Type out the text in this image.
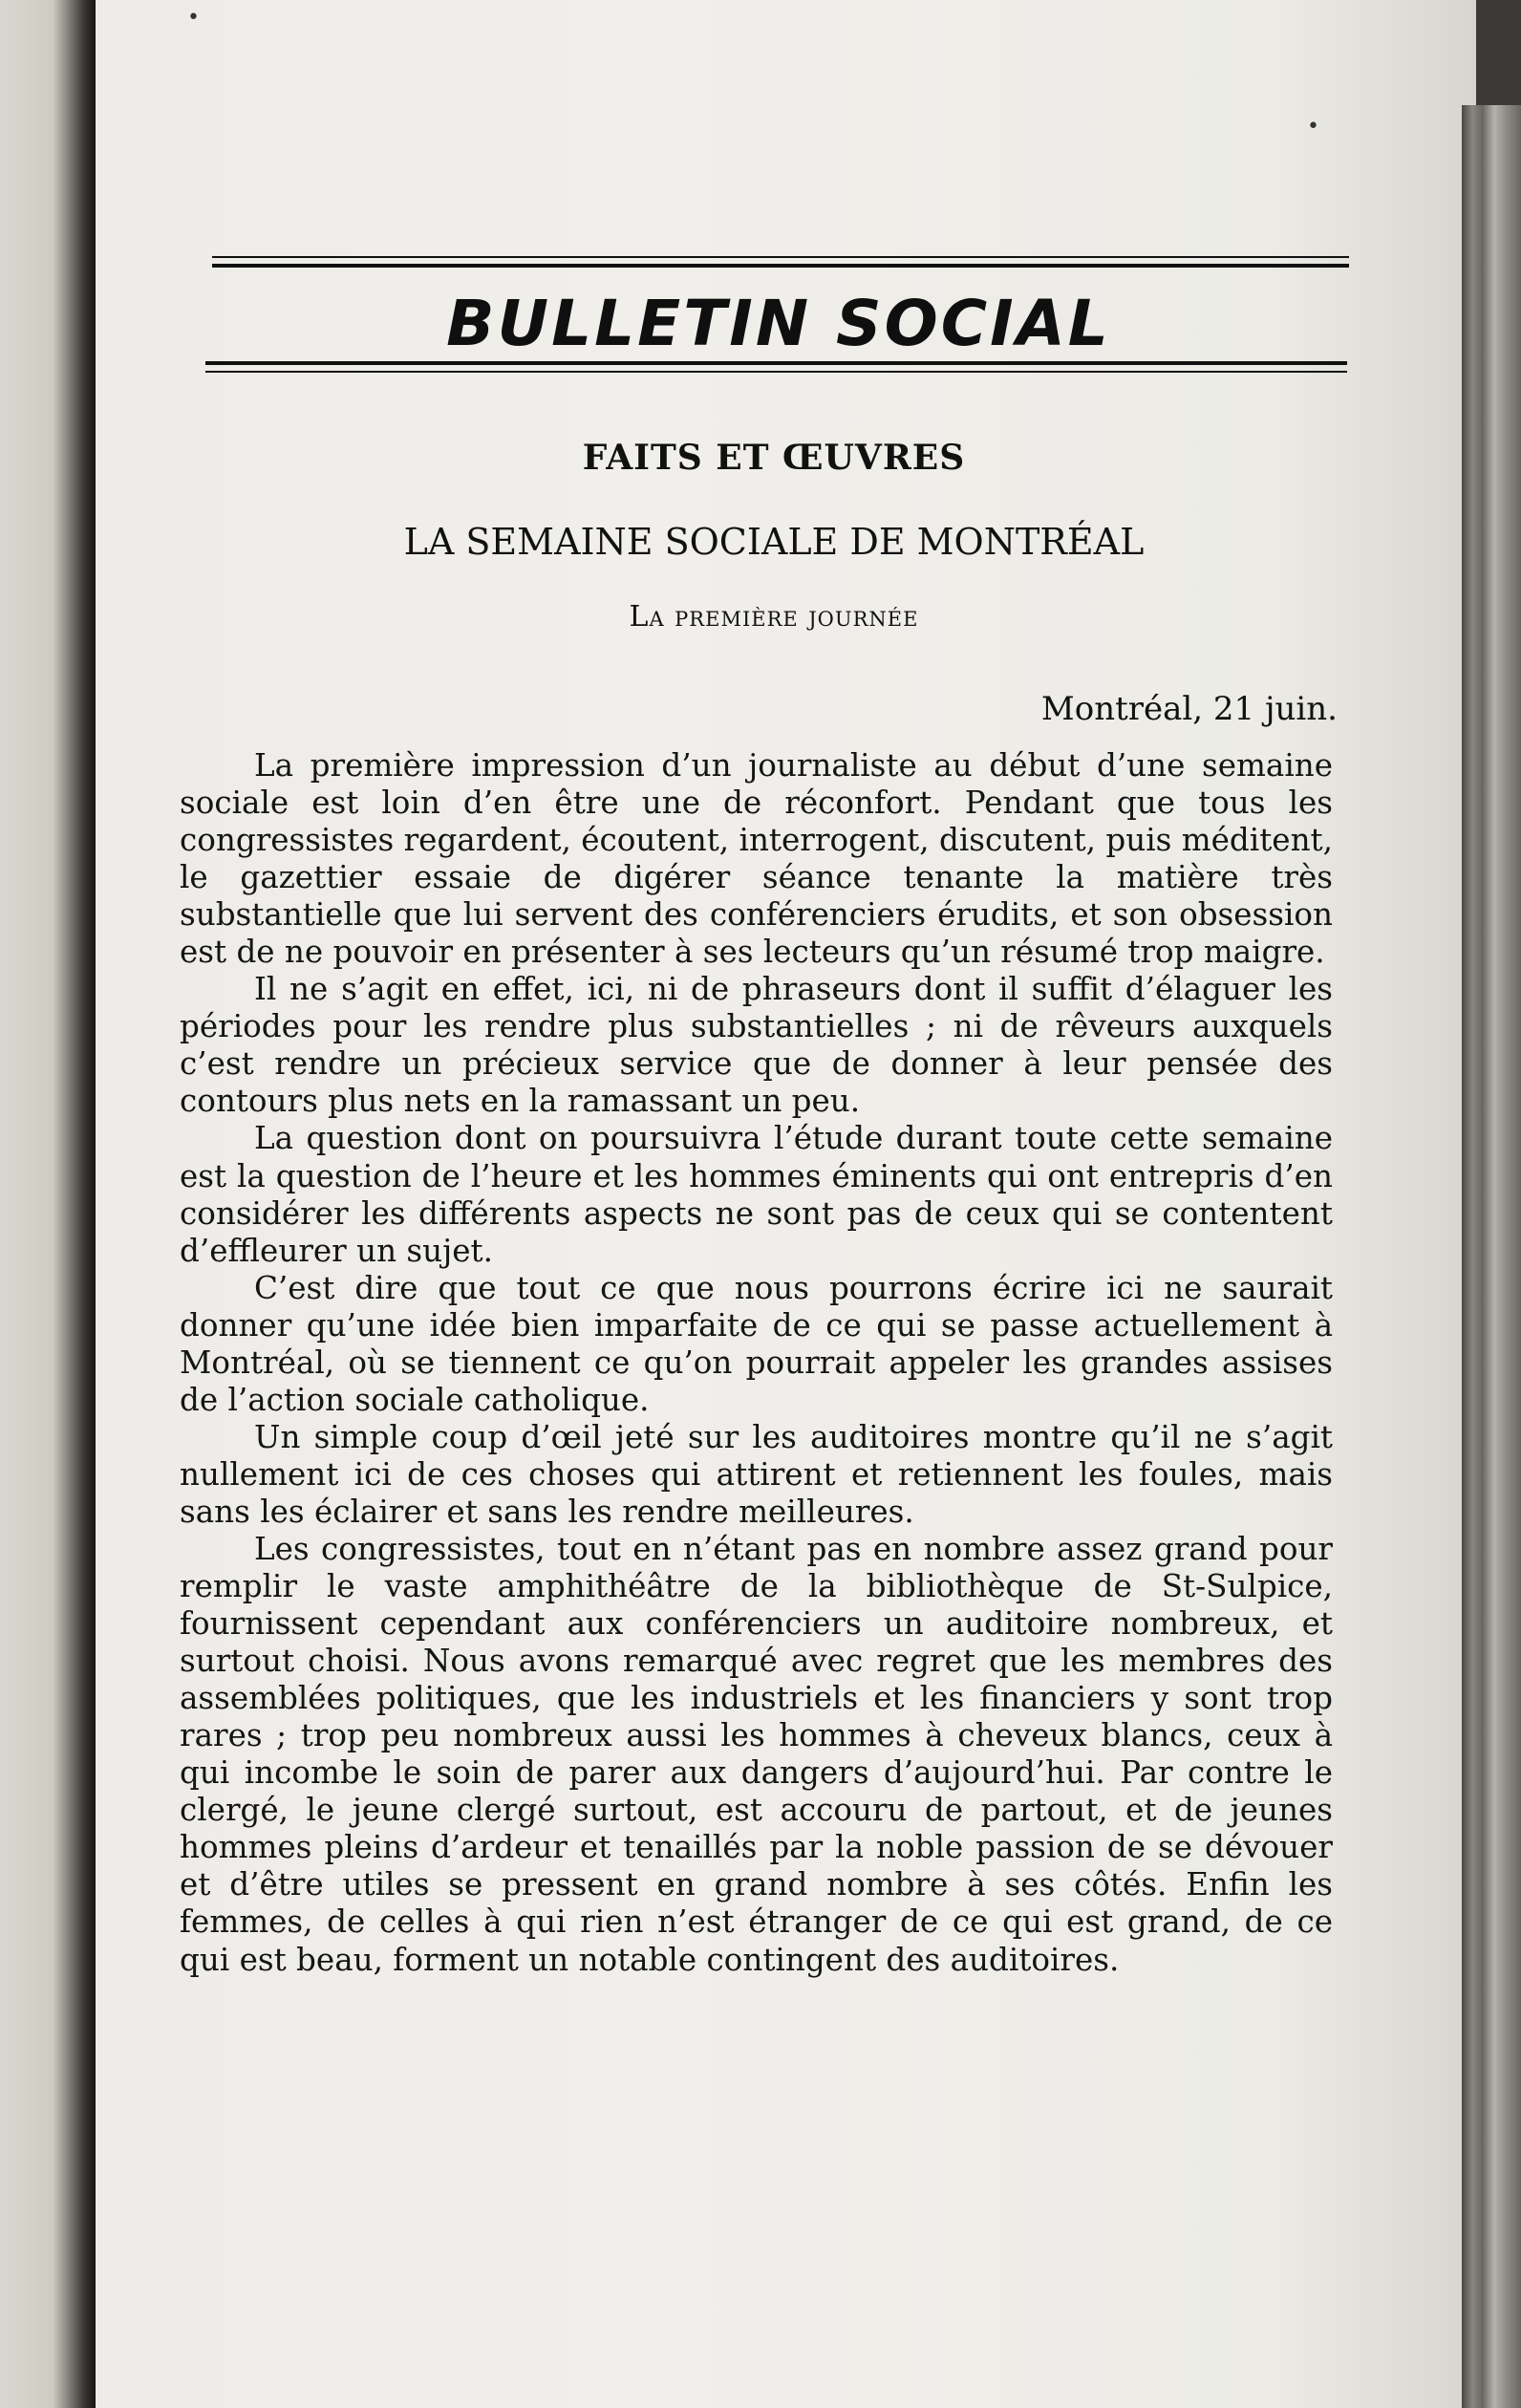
•
•
BULLETIN SOCIAL
FAITS ET ŒUVRES
LA SEMAINE SOCIALE DE MONTRÉAL
La première journée
Montréal, 21 juin.

La première impression d’un journaliste au début d’une semaine sociale est loin d’en être une de réconfort. Pendant que tous les congressistes regardent, écoutent, interrogent, discutent, puis méditent, le gazettier essaie de digérer séance tenante la matière très substantielle que lui servent des conférenciers érudits, et son obsession est de ne pouvoir en présenter à ses lecteurs qu’un résumé trop maigre.

Il ne s’agit en effet, ici, ni de phraseurs dont il suffit d’élaguer les périodes pour les rendre plus substantielles ; ni de rêveurs auxquels c’est rendre un précieux service que de donner à leur pensée des contours plus nets en la ramassant un peu.

La question dont on poursuivra l’étude durant toute cette semaine est la question de l’heure et les hommes éminents qui ont entrepris d’en considérer les différents aspects ne sont pas de ceux qui se contentent d’effleurer un sujet.

C’est dire que tout ce que nous pourrons écrire ici ne saurait donner qu’une idée bien imparfaite de ce qui se passe actuellement à Montréal, où se tiennent ce qu’on pourrait appeler les grandes assises de l’action sociale catholique.

Un simple coup d’œil jeté sur les auditoires montre qu’il ne s’agit nullement ici de ces choses qui attirent et retiennent les foules, mais sans les éclairer et sans les rendre meilleures.

Les congressistes, tout en n’étant pas en nombre assez grand pour remplir le vaste amphithéâtre de la bibliothèque de St-Sulpice, fournissent cependant aux conférenciers un auditoire nombreux, et surtout choisi. Nous avons remarqué avec regret que les membres des assemblées politiques, que les industriels et les financiers y sont trop rares ; trop peu nombreux aussi les hommes à cheveux blancs, ceux à qui incombe le soin de parer aux dangers d’aujourd’hui. Par contre le clergé, le jeune clergé surtout, est accouru de partout, et de jeunes hommes pleins d’ardeur et tenaillés par la noble passion de se dévouer et d’être utiles se pressent en grand nombre à ses côtés. Enfin les femmes, de celles à qui rien n’est étranger de ce qui est grand, de ce qui est beau, forment un notable contingent des auditoires.
